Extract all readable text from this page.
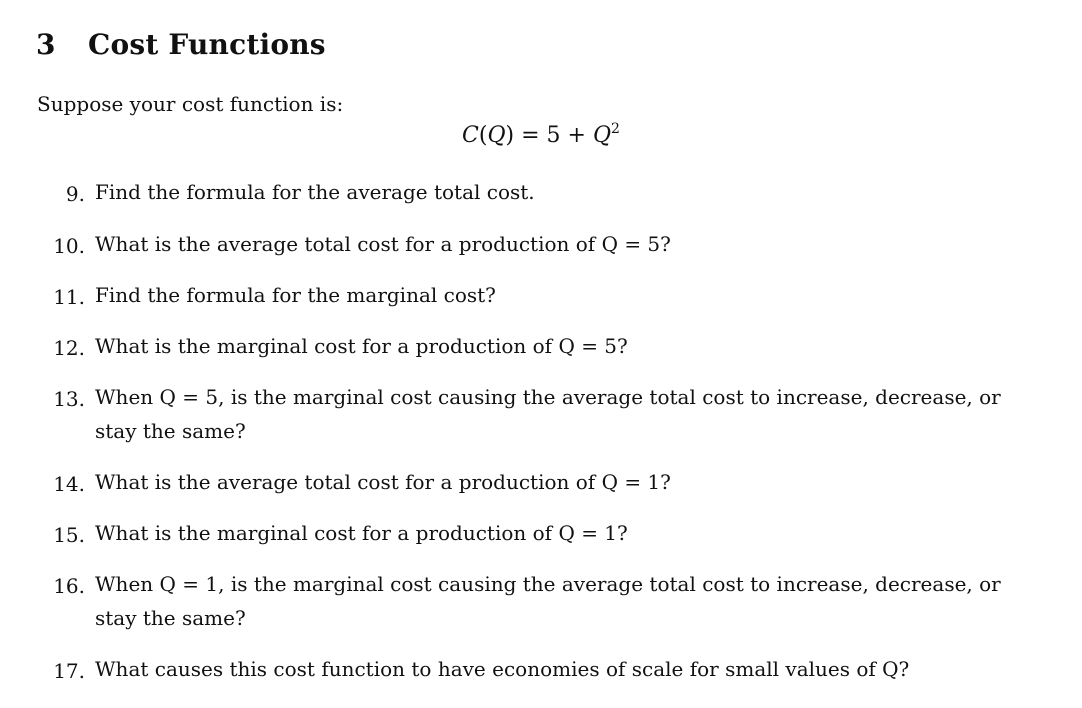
3 Cost Functions
Suppose your cost function is:
$C(Q) = 5 + Q^2$
9. Find the formula for the average total cost.
10. What is the average total cost for a production of Q = 5?
11. Find the formula for the marginal cost?
12. What is the marginal cost for a production of Q = 5?
13. When Q = 5, is the marginal cost causing the average total cost to increase, decrease, or stay the same?
14. What is the average total cost for a production of Q = 1?
15. What is the marginal cost for a production of Q = 1?
16. When Q = 1, is the marginal cost causing the average total cost to increase, decrease, or stay the same?
17. What causes this cost function to have economies of scale for small values of Q?
